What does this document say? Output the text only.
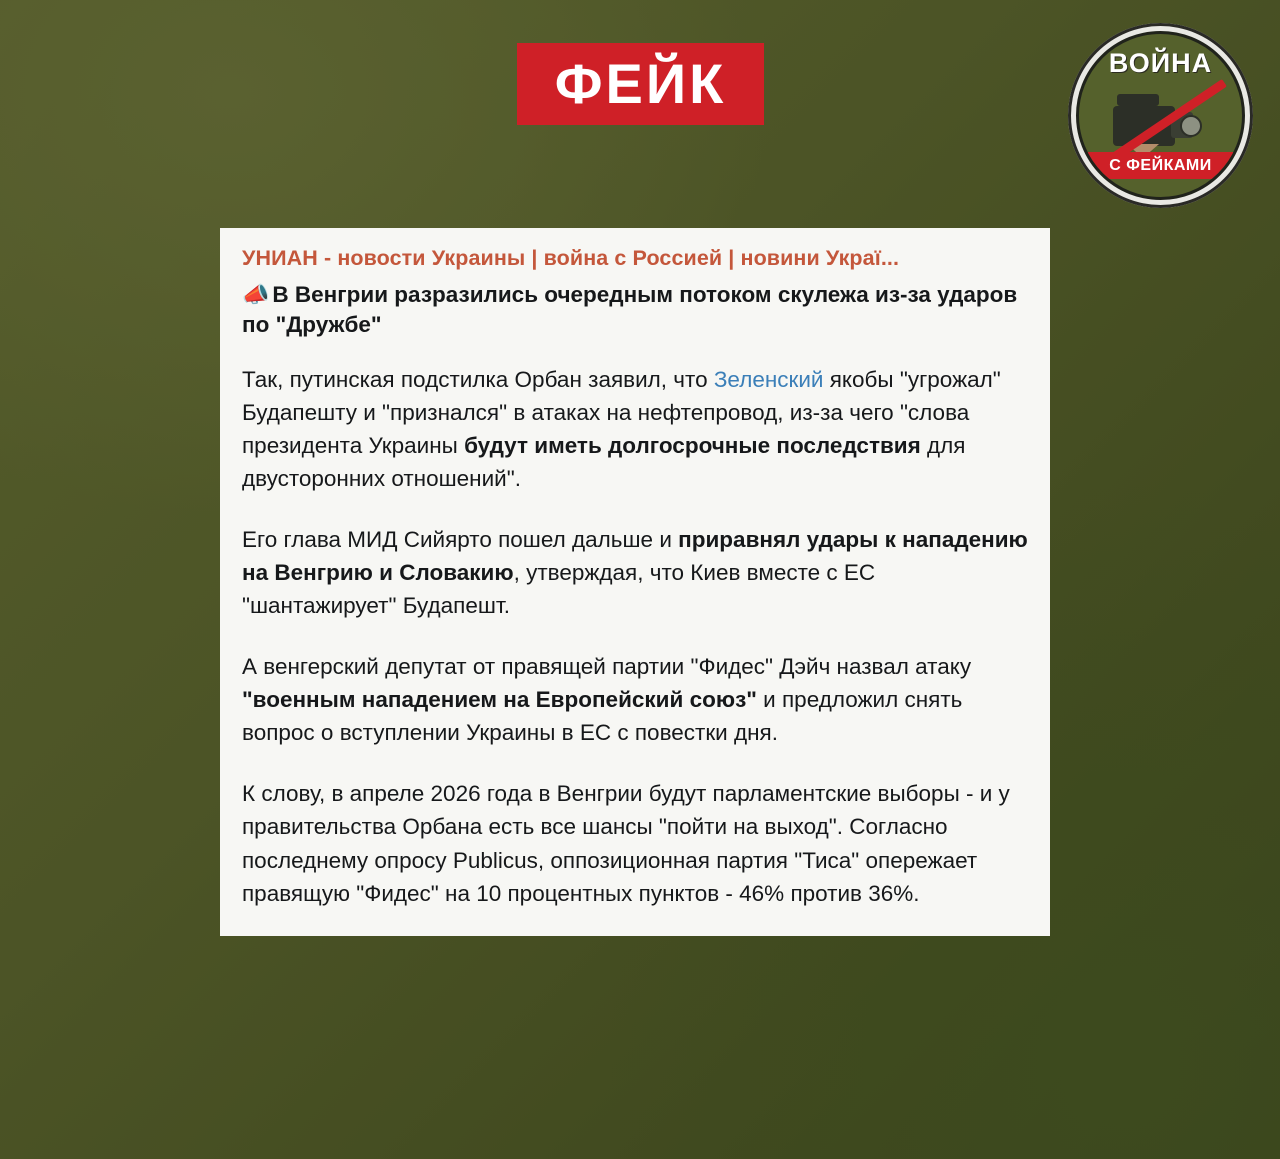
ФЕЙК	ВОЙНА
С ФЕЙКАМИ
УНИАН - новости Украины | война с Россией | новини Украї...
📣 В Венгрии разразились очередным потоком скулежа из-за ударов по "Дружбе"
Так, путинская подстилка Орбан заявил, что Зеленский якобы "угрожал" Будапешту и "признался" в атаках на нефтепровод, из-за чего "слова президента Украины будут иметь долгосрочные последствия для двусторонних отношений".
Его глава МИД Сийярто пошел дальше и приравнял удары к нападению на Венгрию и Словакию, утверждая, что Киев вместе с ЕС "шантажирует" Будапешт.
А венгерский депутат от правящей партии "Фидес" Дэйч назвал атаку "военным нападением на Европейский союз" и предложил снять вопрос о вступлении Украины в ЕС с повестки дня.
К слову, в апреле 2026 года в Венгрии будут парламентские выборы - и у правительства Орбана есть все шансы "пойти на выход". Согласно последнему опросу Publicus, оппозиционная партия "Тиса" опережает правящую "Фидес" на 10 процентных пунктов - 46% против 36%.
